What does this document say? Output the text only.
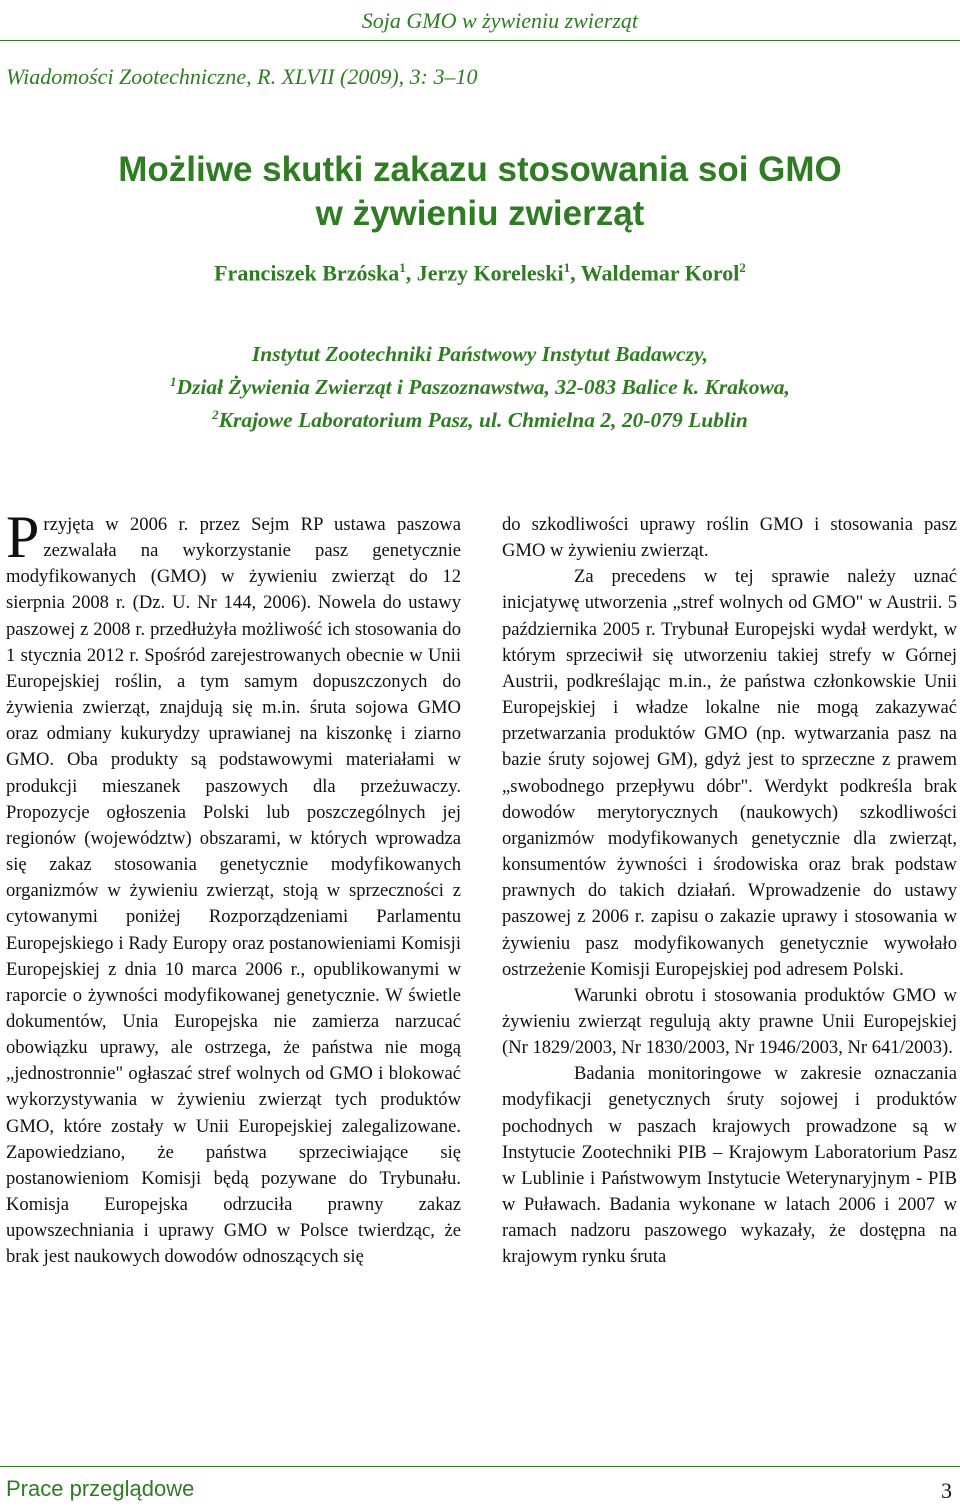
Soja GMO w żywieniu zwierząt
Wiadomości Zootechniczne, R. XLVII (2009), 3: 3–10
Możliwe skutki zakazu stosowania soi GMO
w żywieniu zwierząt
Franciszek Brzóska$^1$, Jerzy Koreleski$^1$, Waldemar Korol$^2$
Instytut Zootechniki Państwowy Instytut Badawczy,
$^1$Dział Żywienia Zwierząt i Paszoznawstwa, 32-083 Balice k. Krakowa,
$^2$Krajowe Laboratorium Pasz, ul. Chmielna 2, 20-079 Lublin

Przyjęta w 2006 r. przez Sejm RP ustawa paszowa zezwalała na wykorzystanie pasz genetycznie modyfikowanych (GMO) w żywieniu zwierząt do 12 sierpnia 2008 r. (Dz. U. Nr 144, 2006). Nowela do ustawy paszowej z 2008 r. przedłużyła możliwość ich stosowania do 1 stycznia 2012 r. Spośród zarejestrowanych obecnie w Unii Europejskiej roślin, a tym samym dopuszczonych do żywienia zwierząt, znajdują się m.in. śruta sojowa GMO oraz odmiany kukurydzy uprawianej na kiszonkę i ziarno GMO. Oba produkty są podstawowymi materiałami w produkcji mieszanek paszowych dla przeżuwaczy. Propozycje ogłoszenia Polski lub poszczególnych jej regionów (województw) obszarami, w których wprowadza się zakaz stosowania genetycznie modyfikowanych organizmów w żywieniu zwierząt, stoją w sprzeczności z cytowanymi poniżej Rozporządzeniami Parlamentu Europejskiego i Rady Europy oraz postanowieniami Komisji Europejskiej z dnia 10 marca 2006 r., opublikowanymi w raporcie o żywności modyfikowanej genetycznie. W świetle dokumentów, Unia Europejska nie zamierza narzucać obowiązku uprawy, ale ostrzega, że państwa nie mogą „jednostronnie" ogłaszać stref wolnych od GMO i blokować wykorzystywania w żywieniu zwierząt tych produktów GMO, które zostały w Unii Europejskiej zalegalizowane. Zapowiedziano, że państwa sprzeciwiające się postanowieniom Komisji będą pozywane do Trybunału. Komisja Europejska odrzuciła prawny zakaz upowszechniania i uprawy GMO w Polsce twierdząc, że brak jest naukowych dowodów odnoszących się

do szkodliwości uprawy roślin GMO i stosowania pasz GMO w żywieniu zwierząt.

Za precedens w tej sprawie należy uznać inicjatywę utworzenia „stref wolnych od GMO" w Austrii. 5 października 2005 r. Trybunał Europejski wydał werdykt, w którym sprzeciwił się utworzeniu takiej strefy w Górnej Austrii, podkreślając m.in., że państwa członkowskie Unii Europejskiej i władze lokalne nie mogą zakazywać przetwarzania produktów GMO (np. wytwarzania pasz na bazie śruty sojowej GM), gdyż jest to sprzeczne z prawem „swobodnego przepływu dóbr". Werdykt podkreśla brak dowodów merytorycznych (naukowych) szkodliwości organizmów modyfikowanych genetycznie dla zwierząt, konsumentów żywności i środowiska oraz brak podstaw prawnych do takich działań. Wprowadzenie do ustawy paszowej z 2006 r. zapisu o zakazie uprawy i stosowania w żywieniu pasz modyfikowanych genetycznie wywołało ostrzeżenie Komisji Europejskiej pod adresem Polski.

Warunki obrotu i stosowania produktów GMO w żywieniu zwierząt regulują akty prawne Unii Europejskiej (Nr 1829/2003, Nr 1830/2003, Nr 1946/2003, Nr 641/2003).

Badania monitoringowe w zakresie oznaczania modyfikacji genetycznych śruty sojowej i produktów pochodnych w paszach krajowych prowadzone są w Instytucie Zootechniki PIB – Krajowym Laboratorium Pasz w Lublinie i Państwowym Instytucie Weterynaryjnym - PIB w Puławach. Badania wykonane w latach 2006 i 2007 w ramach nadzoru paszowego wykazały, że dostępna na krajowym rynku śruta

Prace przeglądowe	3
